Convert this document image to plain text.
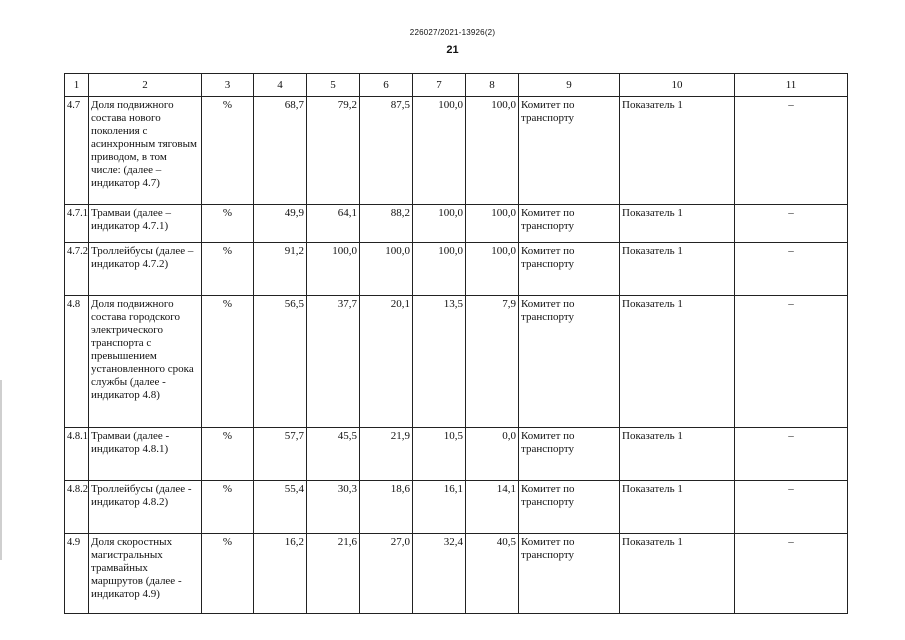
226027/2021-13926(2)
21
1	2	3	4	5	6	7	8	9	10	11
4.7	Доля подвижного состава нового поколения с асинхронным тяговым приводом, в том числе: (далее – индикатор 4.7)	%	68,7	79,2	87,5	100,0	100,0	Комитет по транспорту	Показатель 1	–
4.7.1	Трамваи (далее – индикатор 4.7.1)	%	49,9	64,1	88,2	100,0	100,0	Комитет по транспорту	Показатель 1	–
4.7.2	Троллейбусы (далее – индикатор 4.7.2)	%	91,2	100,0	100,0	100,0	100,0	Комитет по транспорту	Показатель 1	–
4.8	Доля подвижного состава городского электрического транспорта с превышением установленного срока службы (далее - индикатор 4.8)	%	56,5	37,7	20,1	13,5	7,9	Комитет по транспорту	Показатель 1	–
4.8.1	Трамваи (далее - индикатор 4.8.1)	%	57,7	45,5	21,9	10,5	0,0	Комитет по транспорту	Показатель 1	–
4.8.2	Троллейбусы (далее - индикатор 4.8.2)	%	55,4	30,3	18,6	16,1	14,1	Комитет по транспорту	Показатель 1	–
4.9	Доля скоростных магистральных трамвайных маршрутов (далее - индикатор 4.9)	%	16,2	21,6	27,0	32,4	40,5	Комитет по транспорту	Показатель 1	–
